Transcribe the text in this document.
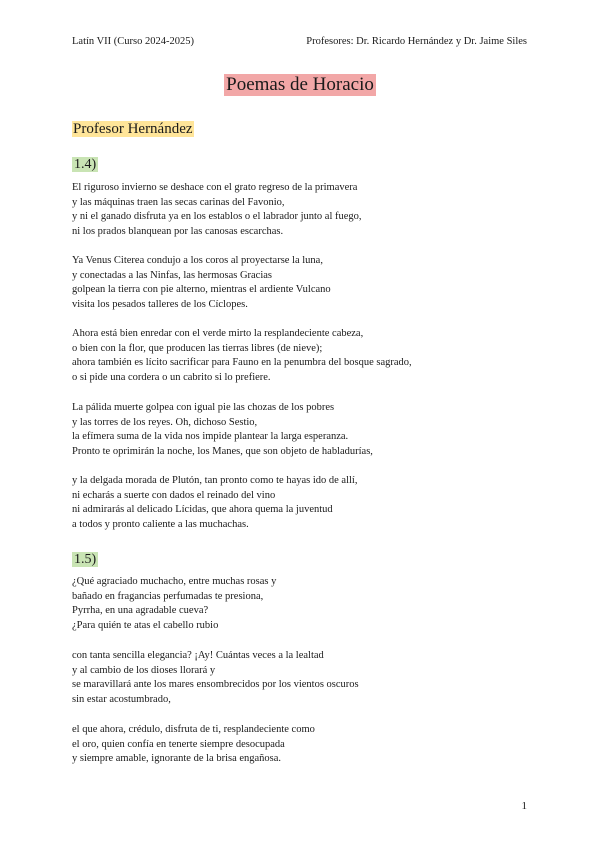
Latín VII (Curso 2024-2025)	Profesores: Dr. Ricardo Hernández y Dr. Jaime Siles
Poemas de Horacio
Profesor Hernández
1.4)
El riguroso invierno se deshace con el grato regreso de la primavera
y las máquinas traen las secas carinas del Favonio,
y ni el ganado disfruta ya en los establos o el labrador junto al fuego,
ni los prados blanquean por las canosas escarchas.
Ya Venus Citerea condujo a los coros al proyectarse la luna,
y conectadas a las Ninfas, las hermosas Gracias
golpean la tierra con pie alterno, mientras el ardiente Vulcano
visita los pesados talleres de los Cíclopes.
Ahora está bien enredar con el verde mirto la resplandeciente cabeza,
o bien con la flor, que producen las tierras libres (de nieve);
ahora también es lícito sacrificar para Fauno en la penumbra del bosque sagrado,
o si pide una cordera o un cabrito si lo prefiere.
La pálida muerte golpea con igual pie las chozas de los pobres
y las torres de los reyes. Oh, dichoso Sestio,
la efímera suma de la vida nos impide plantear la larga esperanza.
Pronto te oprimirán la noche, los Manes, que son objeto de habladurías,
y la delgada morada de Plutón, tan pronto como te hayas ido de allí,
ni echarás a suerte con dados el reinado del vino
ni admirarás al delicado Lícidas, que ahora quema la juventud
a todos y pronto caliente a las muchachas.
1.5)
¿Qué agraciado muchacho, entre muchas rosas y
bañado en fragancias perfumadas te presiona,
Pyrrha, en una agradable cueva?
¿Para quién te atas el cabello rubio
con tanta sencilla elegancia? ¡Ay! Cuántas veces a la lealtad
y al cambio de los dioses llorará y
se maravillará ante los mares ensombrecidos por los vientos oscuros
sin estar acostumbrado,
el que ahora, crédulo, disfruta de ti, resplandeciente como
el oro, quien confía en tenerte siempre desocupada
y siempre amable, ignorante de la brisa engañosa.
1
